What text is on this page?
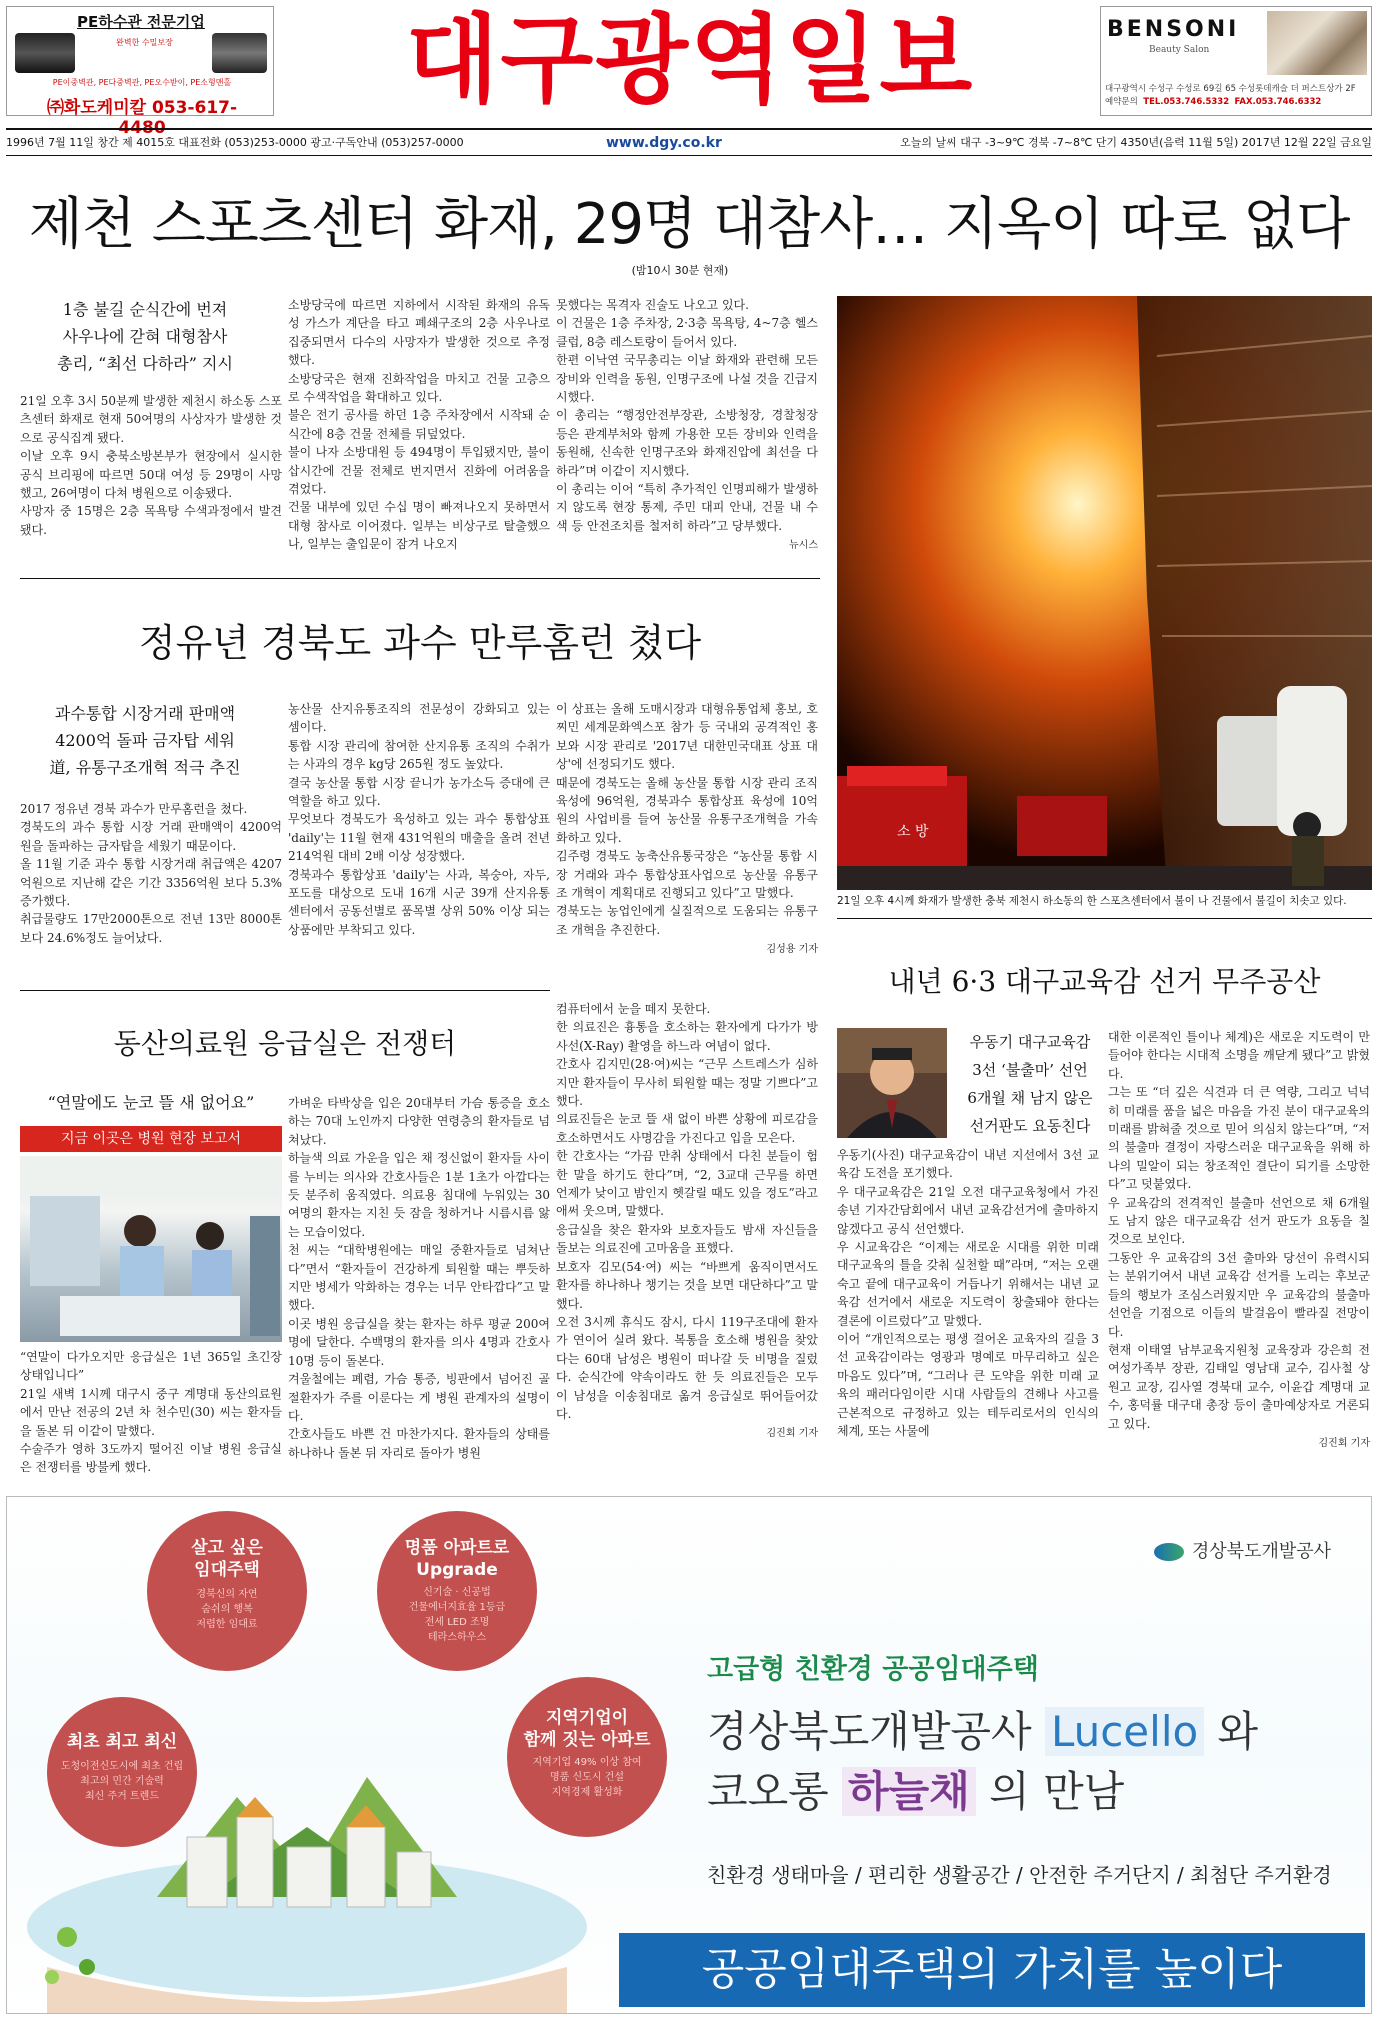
PE하수관 전문기업
완벽한 수밀보장
PE이중벽관, PE다중벽관, PE오수받이, PE소형맨홀
㈜화도케미칼 053-617-4480
대구광역일보	BENSONI
Beauty Salon
대구광역시 수성구 수성로 69길 65 수성롯데캐슬 더 퍼스트상가 2F
예약문의 TEL.053.746.5332 FAX.053.746.6332
1996년 7월 11일 창간 제 4015호 대표전화 (053)253-0000 광고·구독안내 (053)257-0000	www.dgy.co.kr	오늘의 날씨 대구 -3~9℃ 경북 -7~8℃ 단기 4350년(음력 11월 5일) 2017년 12월 22일 금요일
제천 스포츠센터 화재, 29명 대참사… 지옥이 따로 없다
(밤10시 30분 현재)
1층 불길 순식간에 번져
사우나에 갇혀 대형참사
총리, “최선 다하라” 지시

21일 오후 3시 50분께 발생한 제천시 하소동 스포츠센터 화재로 현재 50여명의 사상자가 발생한 것으로 공식집계 됐다.

이날 오후 9시 충북소방본부가 현장에서 실시한 공식 브리핑에 따르면 50대 여성 등 29명이 사망했고, 26여명이 다쳐 병원으로 이송됐다.

사망자 중 15명은 2층 목욕탕 수색과정에서 발견됐다.

소방당국에 따르면 지하에서 시작된 화재의 유독성 가스가 계단을 타고 폐쇄구조의 2층 사우나로 집중되면서 다수의 사망자가 발생한 것으로 추정했다.

소방당국은 현재 진화작업을 마치고 건물 고층으로 수색작업을 확대하고 있다.

불은 전기 공사를 하던 1층 주차장에서 시작돼 순식간에 8층 건물 전체를 뒤덮었다.

불이 나자 소방대원 등 494명이 투입됐지만, 불이 삽시간에 건물 전체로 번지면서 진화에 어려움을 겪었다.

건물 내부에 있던 수십 명이 빠져나오지 못하면서 대형 참사로 이어졌다. 일부는 비상구로 탈출했으나, 일부는 출입문이 잠겨 나오지

못했다는 목격자 진술도 나오고 있다.

이 건물은 1층 주차장, 2·3층 목욕탕, 4~7층 헬스클럽, 8층 레스토랑이 들어서 있다.

한편 이낙연 국무총리는 이날 화재와 관련해 모든 장비와 인력을 동원, 인명구조에 나설 것을 긴급지시했다.

이 총리는 “행정안전부장관, 소방청장, 경찰청장 등은 관계부처와 함께 가용한 모든 장비와 인력을 동원해, 신속한 인명구조와 화재진압에 최선을 다하라”며 이같이 지시했다.

이 총리는 이어 “특히 추가적인 인명피해가 발생하지 않도록 현장 통제, 주민 대피 안내, 건물 내 수색 등 안전조치를 철저히 하라”고 당부했다.

뉴시스
소 방
21일 오후 4시께 화재가 발생한 충북 제천시 하소동의 한 스포츠센터에서 불이 나 건물에서 불길이 치솟고 있다.
정유년 경북도 과수 만루홈런 쳤다
과수통합 시장거래 판매액
4200억 돌파 금자탑 세워
道, 유통구조개혁 적극 추진

2017 정유년 경북 과수가 만루홈런을 쳤다.

경북도의 과수 통합 시장 거래 판매액이 4200억원을 돌파하는 금자탑을 세웠기 때문이다.

올 11월 기준 과수 통합 시장거래 취급액은 4207억원으로 지난해 같은 기간 3356억원 보다 5.3% 증가했다.

취급물량도 17만2000톤으로 전년 13만 8000톤 보다 24.6%정도 늘어났다.

농산물 산지유통조직의 전문성이 강화되고 있는 셈이다.

통합 시장 관리에 참여한 산지유통 조직의 수취가는 사과의 경우 kg당 265원 정도 높았다.

결국 농산물 통합 시장 끝니가 농가소득 증대에 큰 역할을 하고 있다.

무엇보다 경북도가 육성하고 있는 과수 통합상표 'daily'는 11월 현재 431억원의 매출을 올려 전년 214억원 대비 2배 이상 성장했다.

경북과수 통합상표 'daily'는 사과, 복숭아, 자두, 포도를 대상으로 도내 16개 시군 39개 산지유통센터에서 공동선별로 품목별 상위 50% 이상 되는 상품에만 부착되고 있다.

이 상표는 올해 도매시장과 대형유통업체 홍보, 호찌민 세계문화엑스포 참가 등 국내외 공격적인 홍보와 시장 관리로 '2017년 대한민국대표 상표 대상'에 선정되기도 했다.

때문에 경북도는 올해 농산물 통합 시장 관리 조직 육성에 96억원, 경북과수 통합상표 육성에 10억원의 사업비를 들여 농산물 유통구조개혁을 가속화하고 있다.

김주령 경북도 농축산유통국장은 “농산물 통합 시장 거래와 과수 통합상표사업으로 농산물 유통구조 개혁이 계획대로 진행되고 있다”고 말했다.

경북도는 농업인에게 실질적으로 도움되는 유통구조 개혁을 추진한다.

김성용 기자
동산의료원 응급실은 전쟁터
“연말에도 눈코 뜰 새 없어요”
지금 이곳은 병원 현장 보고서

“연말이 다가오지만 응급실은 1년 365일 초긴장 상태입니다”

21일 새벽 1시께 대구시 중구 계명대 동산의료원에서 만난 전공의 2년 차 천수민(30) 씨는 환자들을 돌본 뒤 이같이 말했다.

수술주가 영하 3도까지 떨어진 이날 병원 응급실은 전쟁터를 방불케 했다.

가벼운 타박상을 입은 20대부터 가슴 통증을 호소하는 70대 노인까지 다양한 연령층의 환자들로 넘쳐났다.

하늘색 의료 가운을 입은 채 정신없이 환자들 사이를 누비는 의사와 간호사들은 1분 1초가 아깝다는 듯 분주히 움직였다. 의료용 침대에 누워있는 30여명의 환자는 지친 듯 잠을 청하거나 시름시름 앓는 모습이었다.

천 씨는 “대학병원에는 매일 중환자들로 넘쳐난다”면서 “환자들이 건강하게 퇴원할 때는 뿌듯하지만 병세가 악화하는 경우는 너무 안타깝다”고 말했다.

이곳 병원 응급실을 찾는 환자는 하루 평균 200여명에 달한다. 수백명의 환자를 의사 4명과 간호사 10명 등이 돌본다.

겨울철에는 폐렴, 가슴 통증, 빙판에서 넘어진 골절환자가 주를 이룬다는 게 병원 관계자의 설명이다.

간호사들도 바쁜 건 마찬가지다. 환자들의 상태를 하나하나 돌본 뒤 자리로 돌아가 병원

컴퓨터에서 눈을 떼지 못한다.

한 의료진은 흉통을 호소하는 환자에게 다가가 방사선(X-Ray) 촬영을 하느라 여념이 없다.

간호사 김지민(28·여)씨는 “근무 스트레스가 심하지만 환자들이 무사히 퇴원할 때는 정말 기쁘다”고 했다.

의료진들은 눈코 뜰 새 없이 바쁜 상황에 피로감을 호소하면서도 사명감을 가진다고 입을 모은다.

한 간호사는 “가끔 만취 상태에서 다친 분들이 험한 말을 하기도 한다”며, “2, 3교대 근무를 하면 언제가 낮이고 밤인지 헷갈릴 때도 있을 정도”라고 애써 웃으며, 말했다.

응급실을 찾은 환자와 보호자들도 밤새 자신들을 돌보는 의료진에 고마움을 표했다.

보호자 김모(54·여) 씨는 “바쁘게 움직이면서도 환자를 하나하나 챙기는 것을 보면 대단하다”고 말했다.

오전 3시께 휴식도 잠시, 다시 119구조대에 환자가 연이어 실려 왔다. 복통을 호소해 병원을 찾았다는 60대 남성은 병원이 떠나갈 듯 비명을 질렀다. 순식간에 약속이라도 한 듯 의료진들은 모두 이 남성을 이송침대로 옮겨 응급실로 뛰어들어갔다.

김진회 기자
내년 6·3 대구교육감 선거 무주공산
우동기 대구교육감
3선 ‘불출마’ 선언
6개월 채 남지 않은
선거판도 요동친다

우동기(사진) 대구교육감이 내년 지선에서 3선 교육감 도전을 포기했다.

우 대구교육감은 21일 오전 대구교육청에서 가진 송년 기자간담회에서 내년 교육감선거에 출마하지 않겠다고 공식 선언했다.

우 시교육감은 “이제는 새로운 시대를 위한 미래 대구교육의 틀을 갖춰 실천할 때”라며, “저는 오랜 숙고 끝에 대구교육이 거듭나기 위해서는 내년 교육감 선거에서 새로운 지도력이 창출돼야 한다는 결론에 이르렀다”고 말했다.

이어 “개인적으로는 평생 걸어온 교육자의 길을 3선 교육감이라는 영광과 명예로 마무리하고 싶은 마음도 있다”며, “그러나 큰 도약을 위한 미래 교육의 패러다임이란 시대 사람들의 견해나 사고를 근본적으로 규정하고 있는 테두리로서의 인식의 체계, 또는 사물에

대한 이론적인 틀이나 체계)은 새로운 지도력이 만들어야 한다는 시대적 소명을 깨닫게 됐다”고 밝혔다.

그는 또 “더 깊은 식견과 더 큰 역량, 그리고 넉넉히 미래를 품을 넓은 마음을 가진 분이 대구교육의 미래를 밝혀줄 것으로 믿어 의심치 않는다”며, “저의 불출마 결정이 자랑스러운 대구교육을 위해 하나의 밀알이 되는 창조적인 결단이 되기를 소망한다”고 덧붙였다.

우 교육감의 전격적인 불출마 선언으로 채 6개월도 남지 않은 대구교육감 선거 판도가 요동을 칠 것으로 보인다.

그동안 우 교육감의 3선 출마와 당선이 유력시되는 분위기여서 내년 교육감 선거를 노리는 후보군들의 행보가 조심스러웠지만 우 교육감의 불출마 선언을 기점으로 이들의 발걸음이 빨라질 전망이다.

현재 이태열 남부교육지원청 교육장과 강은희 전 여성가족부 장관, 김태일 영남대 교수, 김사철 상원고 교장, 김사열 경북대 교수, 이윤갑 계명대 교수, 홍덕률 대구대 총장 등이 출마예상자로 거론되고 있다.

김진회 기자
살고 싶은
임대주택
경북신의 자연
숨쉬의 행복
저렴한 임대료
명품 아파트로
Upgrade
신기술 · 신공법
건물에너지효율 1등급
전세 LED 조명
테라스하우스
최초 최고 최신
도청이전신도시에 최초 건립
최고의 민간 기술력
최신 주거 트렌드
지역기업이
함께 짓는 아파트
지역기업 49% 이상 참여
명품 신도시 건설
지역경제 활성화
경상북도개발공사
고급형 친환경 공공임대주택
경상북도개발공사 Lucello 와
코오롱 하늘채 의 만남
친환경 생태마을 / 편리한 생활공간 / 안전한 주거단지 / 최첨단 주거환경
공공임대주택의 가치를 높이다
